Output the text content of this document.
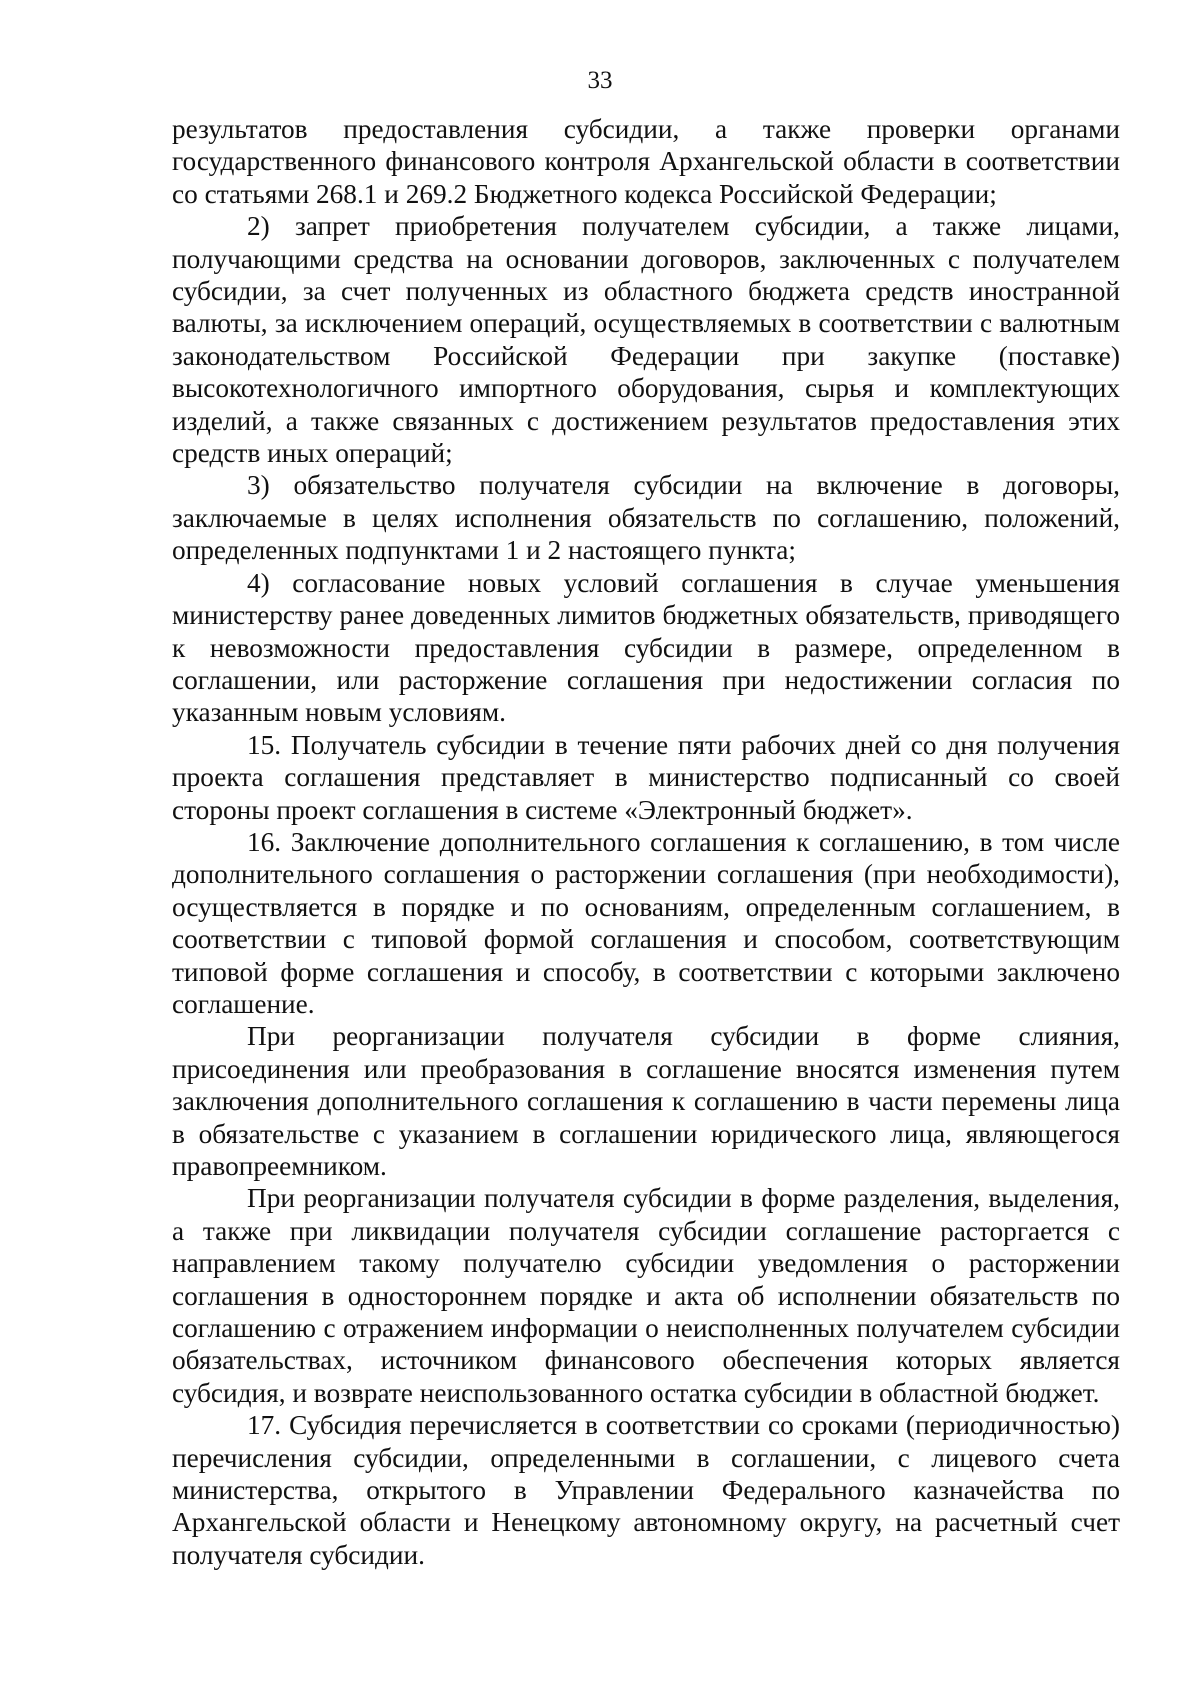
33

результатов предоставления субсидии, а также проверки органами государственного финансового контроля Архангельской области в соответствии со статьями 268.1 и 269.2 Бюджетного кодекса Российской Федерации;

2) запрет приобретения получателем субсидии, а также лицами, получающими средства на основании договоров, заключенных с получателем субсидии, за счет полученных из областного бюджета средств иностранной валюты, за исключением операций, осуществляемых в соответствии с валютным законодательством Российской Федерации при закупке (поставке) высокотехнологичного импортного оборудования, сырья и комплектующих изделий, а также связанных с достижением результатов предоставления этих средств иных операций;

3) обязательство получателя субсидии на включение в договоры, заключаемые в целях исполнения обязательств по соглашению, положений, определенных подпунктами 1 и 2 настоящего пункта;

4) согласование новых условий соглашения в случае уменьшения министерству ранее доведенных лимитов бюджетных обязательств, приводящего к невозможности предоставления субсидии в размере, определенном в соглашении, или расторжение соглашения при недостижении согласия по указанным новым условиям.

15. Получатель субсидии в течение пяти рабочих дней со дня получения проекта соглашения представляет в министерство подписанный со своей стороны проект соглашения в системе «Электронный бюджет».

16. Заключение дополнительного соглашения к соглашению, в том числе дополнительного соглашения о расторжении соглашения (при необходимости), осуществляется в порядке и по основаниям, определенным соглашением, в соответствии с типовой формой соглашения и способом, соответствующим типовой форме соглашения и способу, в соответствии с которыми заключено соглашение.

При реорганизации получателя субсидии в форме слияния, присоединения или преобразования в соглашение вносятся изменения путем заключения дополнительного соглашения к соглашению в части перемены лица в обязательстве с указанием в соглашении юридического лица, являющегося правопреемником.

При реорганизации получателя субсидии в форме разделения, выделения, а также при ликвидации получателя субсидии соглашение расторгается с направлением такому получателю субсидии уведомления о расторжении соглашения в одностороннем порядке и акта об исполнении обязательств по соглашению с отражением информации о неисполненных получателем субсидии обязательствах, источником финансового обеспечения которых является субсидия, и возврате неиспользованного остатка субсидии в областной бюджет.

17. Субсидия перечисляется в соответствии со сроками (периодичностью) перечисления субсидии, определенными в соглашении, с лицевого счета министерства, открытого в Управлении Федерального казначейства по Архангельской области и Ненецкому автономному округу, на расчетный счет получателя субсидии.
